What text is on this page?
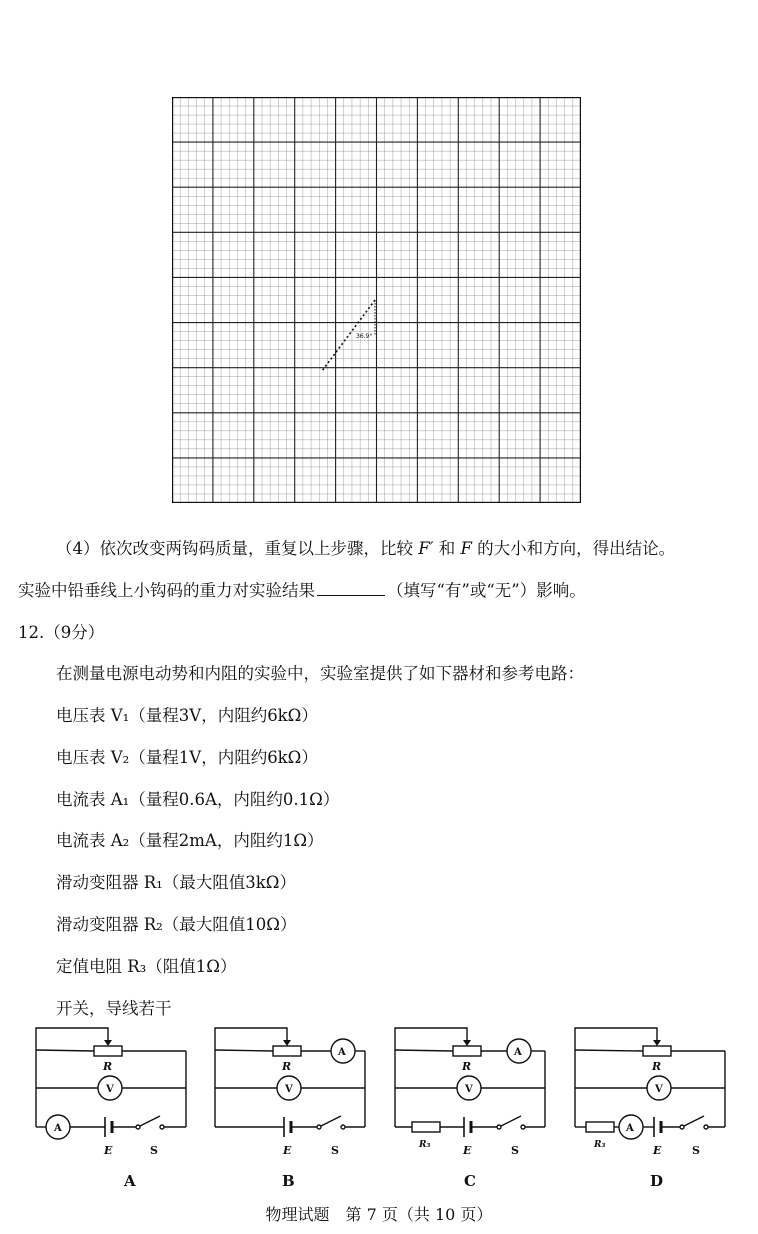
36.9°
（4）依次改变两钩码质量，重复以上步骤，比较 F′ 和 F 的大小和方向，得出结论。
实验中铅垂线上小钩码的重力对实验结果	（填写“有”或“无”）影响。
12.（9分）
在测量电源电动势和内阻的实验中，实验室提供了如下器材和参考电路：
电压表 V₁（量程3V，内阻约6kΩ）
电压表 V₂（量程1V，内阻约6kΩ）
电流表 A₁（量程0.6A，内阻约0.1Ω）
电流表 A₂（量程2mA，内阻约1Ω）
滑动变阻器 R₁（最大阻值3kΩ）
滑动变阻器 R₂（最大阻值10Ω）
定值电阻 R₃（阻值1Ω）
开关，导线若干
R
V
A
E	S
R
A
V
E	S
R
A
V
R₃	E	S
R
V
R₃
A
E	S
A	B	C	D
物理试题　第 7 页（共 10 页）
